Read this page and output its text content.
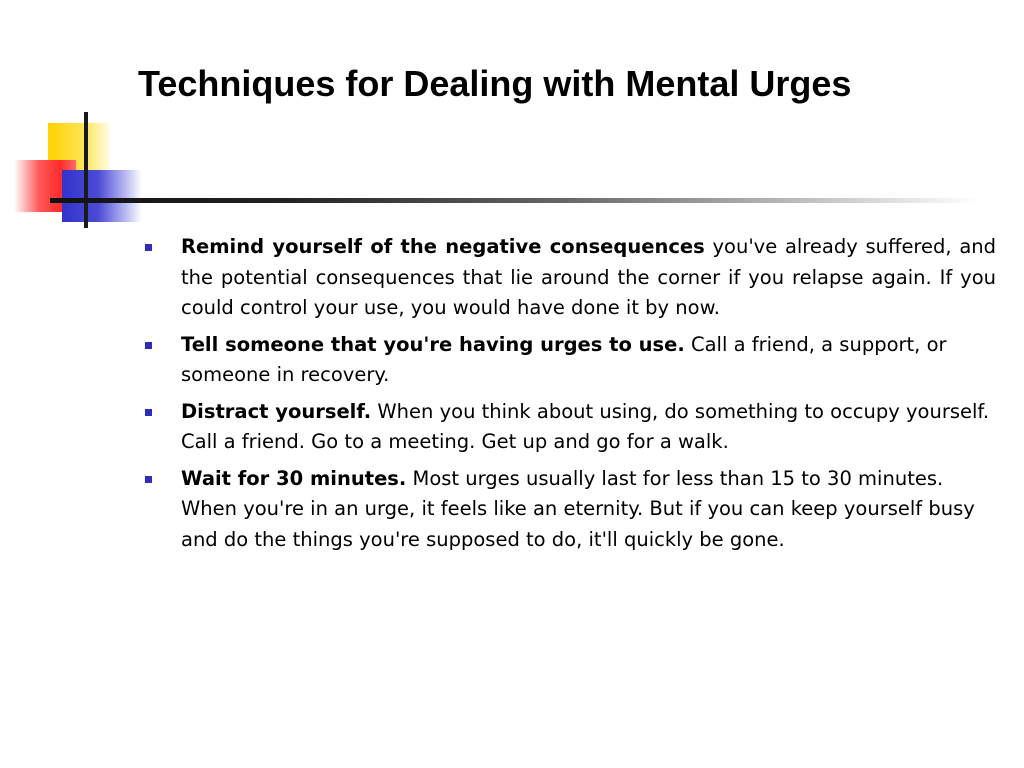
Techniques for Dealing with Mental Urges
Remind yourself of the negative consequences you've already suffered, and the potential consequences that lie around the corner if you relapse again. If you could control your use, you would have done it by now.
Tell someone that you're having urges to use. Call a friend, a support, or someone in recovery.
Distract yourself. When you think about using, do something to occupy yourself. Call a friend. Go to a meeting. Get up and go for a walk.
Wait for 30 minutes. Most urges usually last for less than 15 to 30 minutes. When you're in an urge, it feels like an eternity. But if you can keep yourself busy and do the things you're supposed to do, it'll quickly be gone.
